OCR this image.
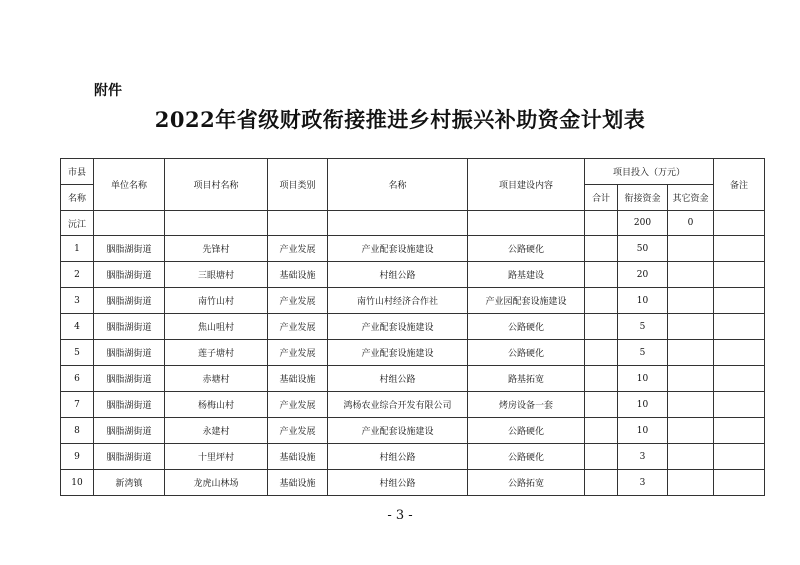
附件
2022年省级财政衔接推进乡村振兴补助资金计划表
市县	单位名称	项目村名称	项目类别	名称	项目建设内容	项目投入（万元）			备注
名称						合计	衔接资金	其它资金	
沅江							200	0	
1	胭脂湖街道	先锋村	产业发展	产业配套设施建设	公路硬化		50		
2	胭脂湖街道	三眼塘村	基础设施	村组公路	路基建设		20		
3	胭脂湖街道	南竹山村	产业发展	南竹山村经济合作社	产业园配套设施建设		10		
4	胭脂湖街道	焦山咀村	产业发展	产业配套设施建设	公路硬化		5		
5	胭脂湖街道	莲子塘村	产业发展	产业配套设施建设	公路硬化		5		
6	胭脂湖街道	赤塘村	基础设施	村组公路	路基拓宽		10		
7	胭脂湖街道	杨梅山村	产业发展	鸿杨农业综合开发有限公司	烤房设备一套		10		
8	胭脂湖街道	永建村	产业发展	产业配套设施建设	公路硬化		10		
9	胭脂湖街道	十里坪村	基础设施	村组公路	公路硬化		3		
10	新湾镇	龙虎山林场	基础设施	村组公路	公路拓宽		3		
- 3 -
